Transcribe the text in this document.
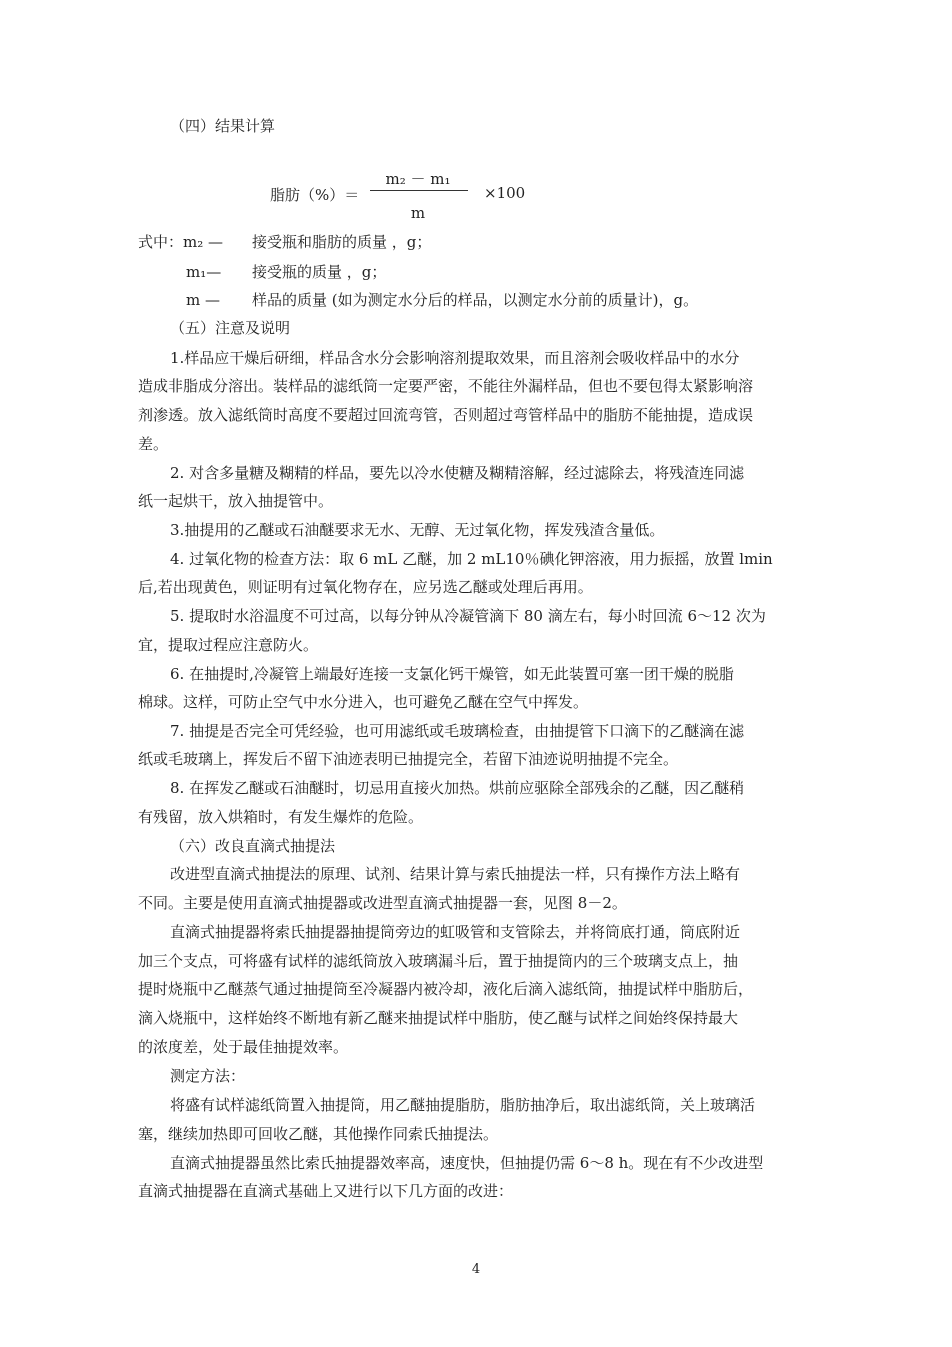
（四）结果计算
脂肪（%）＝
m₂ － m₁
m
×100
式中：m₂ — 接受瓶和脂肪的质量 ，g；
m₁— 接受瓶的质量 ，g；
m — 样品的质量 (如为测定水分后的样品，以测定水分前的质量计)，g。
（五）注意及说明
1.样品应干燥后研细，样品含水分会影响溶剂提取效果，而且溶剂会吸收样品中的水分
造成非脂成分溶出。装样品的滤纸筒一定要严密，不能往外漏样品，但也不要包得太紧影响溶
剂渗透。放入滤纸筒时高度不要超过回流弯管，否则超过弯管样品中的脂肪不能抽提，造成误
差。
2. 对含多量糖及糊精的样品，要先以冷水使糖及糊精溶解，经过滤除去，将残渣连同滤
纸一起烘干，放入抽提管中。
3.抽提用的乙醚或石油醚要求无水、无醇、无过氧化物，挥发残渣含量低。
4. 过氧化物的检查方法：取 6 mL 乙醚，加 2 mL10％碘化钾溶液，用力振摇，放置 lmin
后,若出现黄色，则证明有过氧化物存在，应另选乙醚或处理后再用。
5. 提取时水浴温度不可过高，以每分钟从冷凝管滴下 80 滴左右，每小时回流 6～12 次为
宜，提取过程应注意防火。
6. 在抽提时,冷凝管上端最好连接一支氯化钙干燥管，如无此装置可塞一团干燥的脱脂
棉球。这样，可防止空气中水分进入，也可避免乙醚在空气中挥发。
7. 抽提是否完全可凭经验，也可用滤纸或毛玻璃检查，由抽提管下口滴下的乙醚滴在滤
纸或毛玻璃上，挥发后不留下油迹表明已抽提完全，若留下油迹说明抽提不完全。
8. 在挥发乙醚或石油醚时，切忌用直接火加热。烘前应驱除全部残余的乙醚，因乙醚稍
有残留，放入烘箱时，有发生爆炸的危险。
（六）改良直滴式抽提法
改进型直滴式抽提法的原理、试剂、结果计算与索氏抽提法一样，只有操作方法上略有
不同。主要是使用直滴式抽提器或改进型直滴式抽提器一套，见图 8－2。
直滴式抽提器将索氏抽提器抽提筒旁边的虹吸管和支管除去，并将筒底打通，筒底附近
加三个支点，可将盛有试样的滤纸筒放入玻璃漏斗后，置于抽提筒内的三个玻璃支点上，抽
提时烧瓶中乙醚蒸气通过抽提筒至冷凝器内被冷却，液化后滴入滤纸筒，抽提试样中脂肪后，
滴入烧瓶中，这样始终不断地有新乙醚来抽提试样中脂肪，使乙醚与试样之间始终保持最大
的浓度差，处于最佳抽提效率。
测定方法：
将盛有试样滤纸筒置入抽提筒，用乙醚抽提脂肪，脂肪抽净后，取出滤纸筒，关上玻璃活
塞，继续加热即可回收乙醚，其他操作同索氏抽提法。
直滴式抽提器虽然比索氏抽提器效率高，速度快，但抽提仍需 6～8 h。现在有不少改进型
直滴式抽提器在直滴式基础上又进行以下几方面的改进：
4
